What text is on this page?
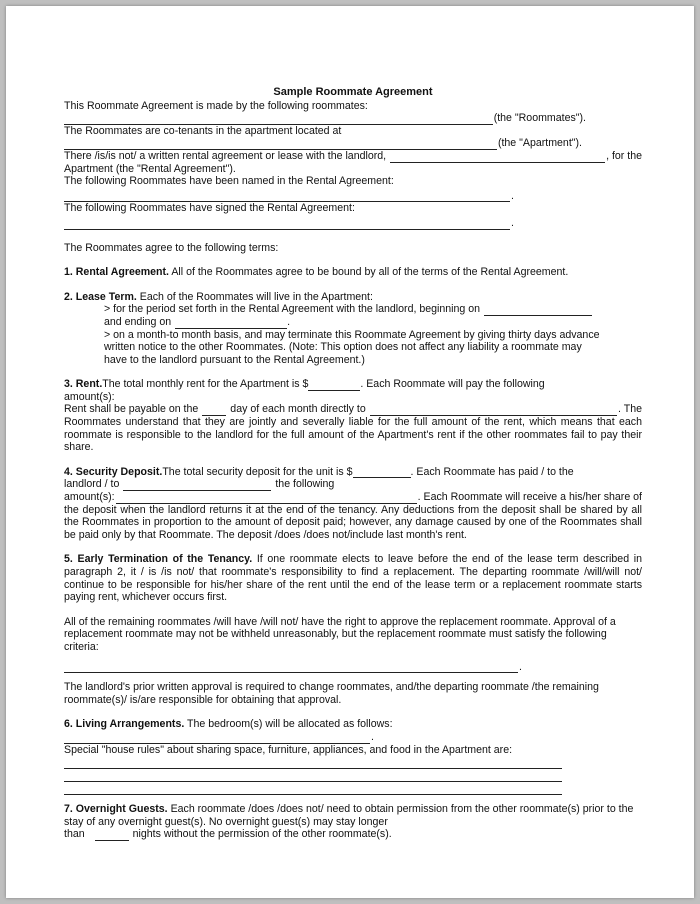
Sample Roommate Agreement

This Roommate Agreement is made by the following roommates:

(the "Roommates").

The Roommates are co-tenants in the apartment located at

(the "Apartment").
There /is/is not/ a written rental agreement or lease with the landlord,	, for the

Apartment (the "Rental Agreement").

The following Roommates have been named in the Rental Agreement:

.

The following Roommates have signed the Rental Agreement:

.

The Roommates agree to the following terms:

1. Rental Agreement. All of the Roommates agree to be bound by all of the terms of the Rental Agreement.

2. Lease Term. Each of the Roommates will live in the Apartment:

> for the period set forth in the Rental Agreement with the landlord, beginning on
and ending on	.

> on a month-to month basis, and may terminate this Roommate Agreement by giving thirty days advance written notice to the other Roommates. (Note: This option does not affect any liability a roommate may have to the landlord pursuant to the Rental Agreement.)

3. Rent. The total monthly rent for the Apartment is $	. Each Roommate will pay the following
amount(s):
Rent shall be payable on the	day of each month directly to	. The

Roommates understand that they are jointly and severally liable for the full amount of the rent, which means that each roommate is responsible to the landlord for the full amount of the Apartment's rent if the other roommates fail to pay their share.

4. Security Deposit. The total security deposit for the unit is $	. Each Roommate has paid / to the
landlord / to	the following
amount(s):	. Each Roommate will receive a his/her share of

the deposit when the landlord returns it at the end of the tenancy. Any deductions from the deposit shall be shared by all the Roommates in proportion to the amount of deposit paid; however, any damage caused by one of the Roommates shall be paid only by that Roommate. The deposit /does /does not/include last month's rent.

5. Early Termination of the Tenancy. If one roommate elects to leave before the end of the lease term described in paragraph 2, it / is /is not/ that roommate's responsibility to find a replacement. The departing roommate /will/will not/ continue to be responsible for his/her share of the rent until the end of the lease term or a replacement roommate starts paying rent, whichever occurs first.

All of the remaining roommates /will have /will not/ have the right to approve the replacement roommate. Approval of a replacement roommate may not be withheld unreasonably, but the replacement roommate must satisfy the following criteria:

.

The landlord's prior written approval is required to change roommates, and/the departing roommate /the remaining roommate(s)/ is/are responsible for obtaining that approval.

6. Living Arrangements. The bedroom(s) will be allocated as follows:

.

Special "house rules" about sharing space, furniture, appliances, and food in the Apartment are:

7. Overnight Guests. Each roommate /does /does not/ need to obtain permission from the other roommate(s) prior to the stay of any overnight guest(s). No overnight guest(s) may stay longer

than	nights without the permission of the other roommate(s).
